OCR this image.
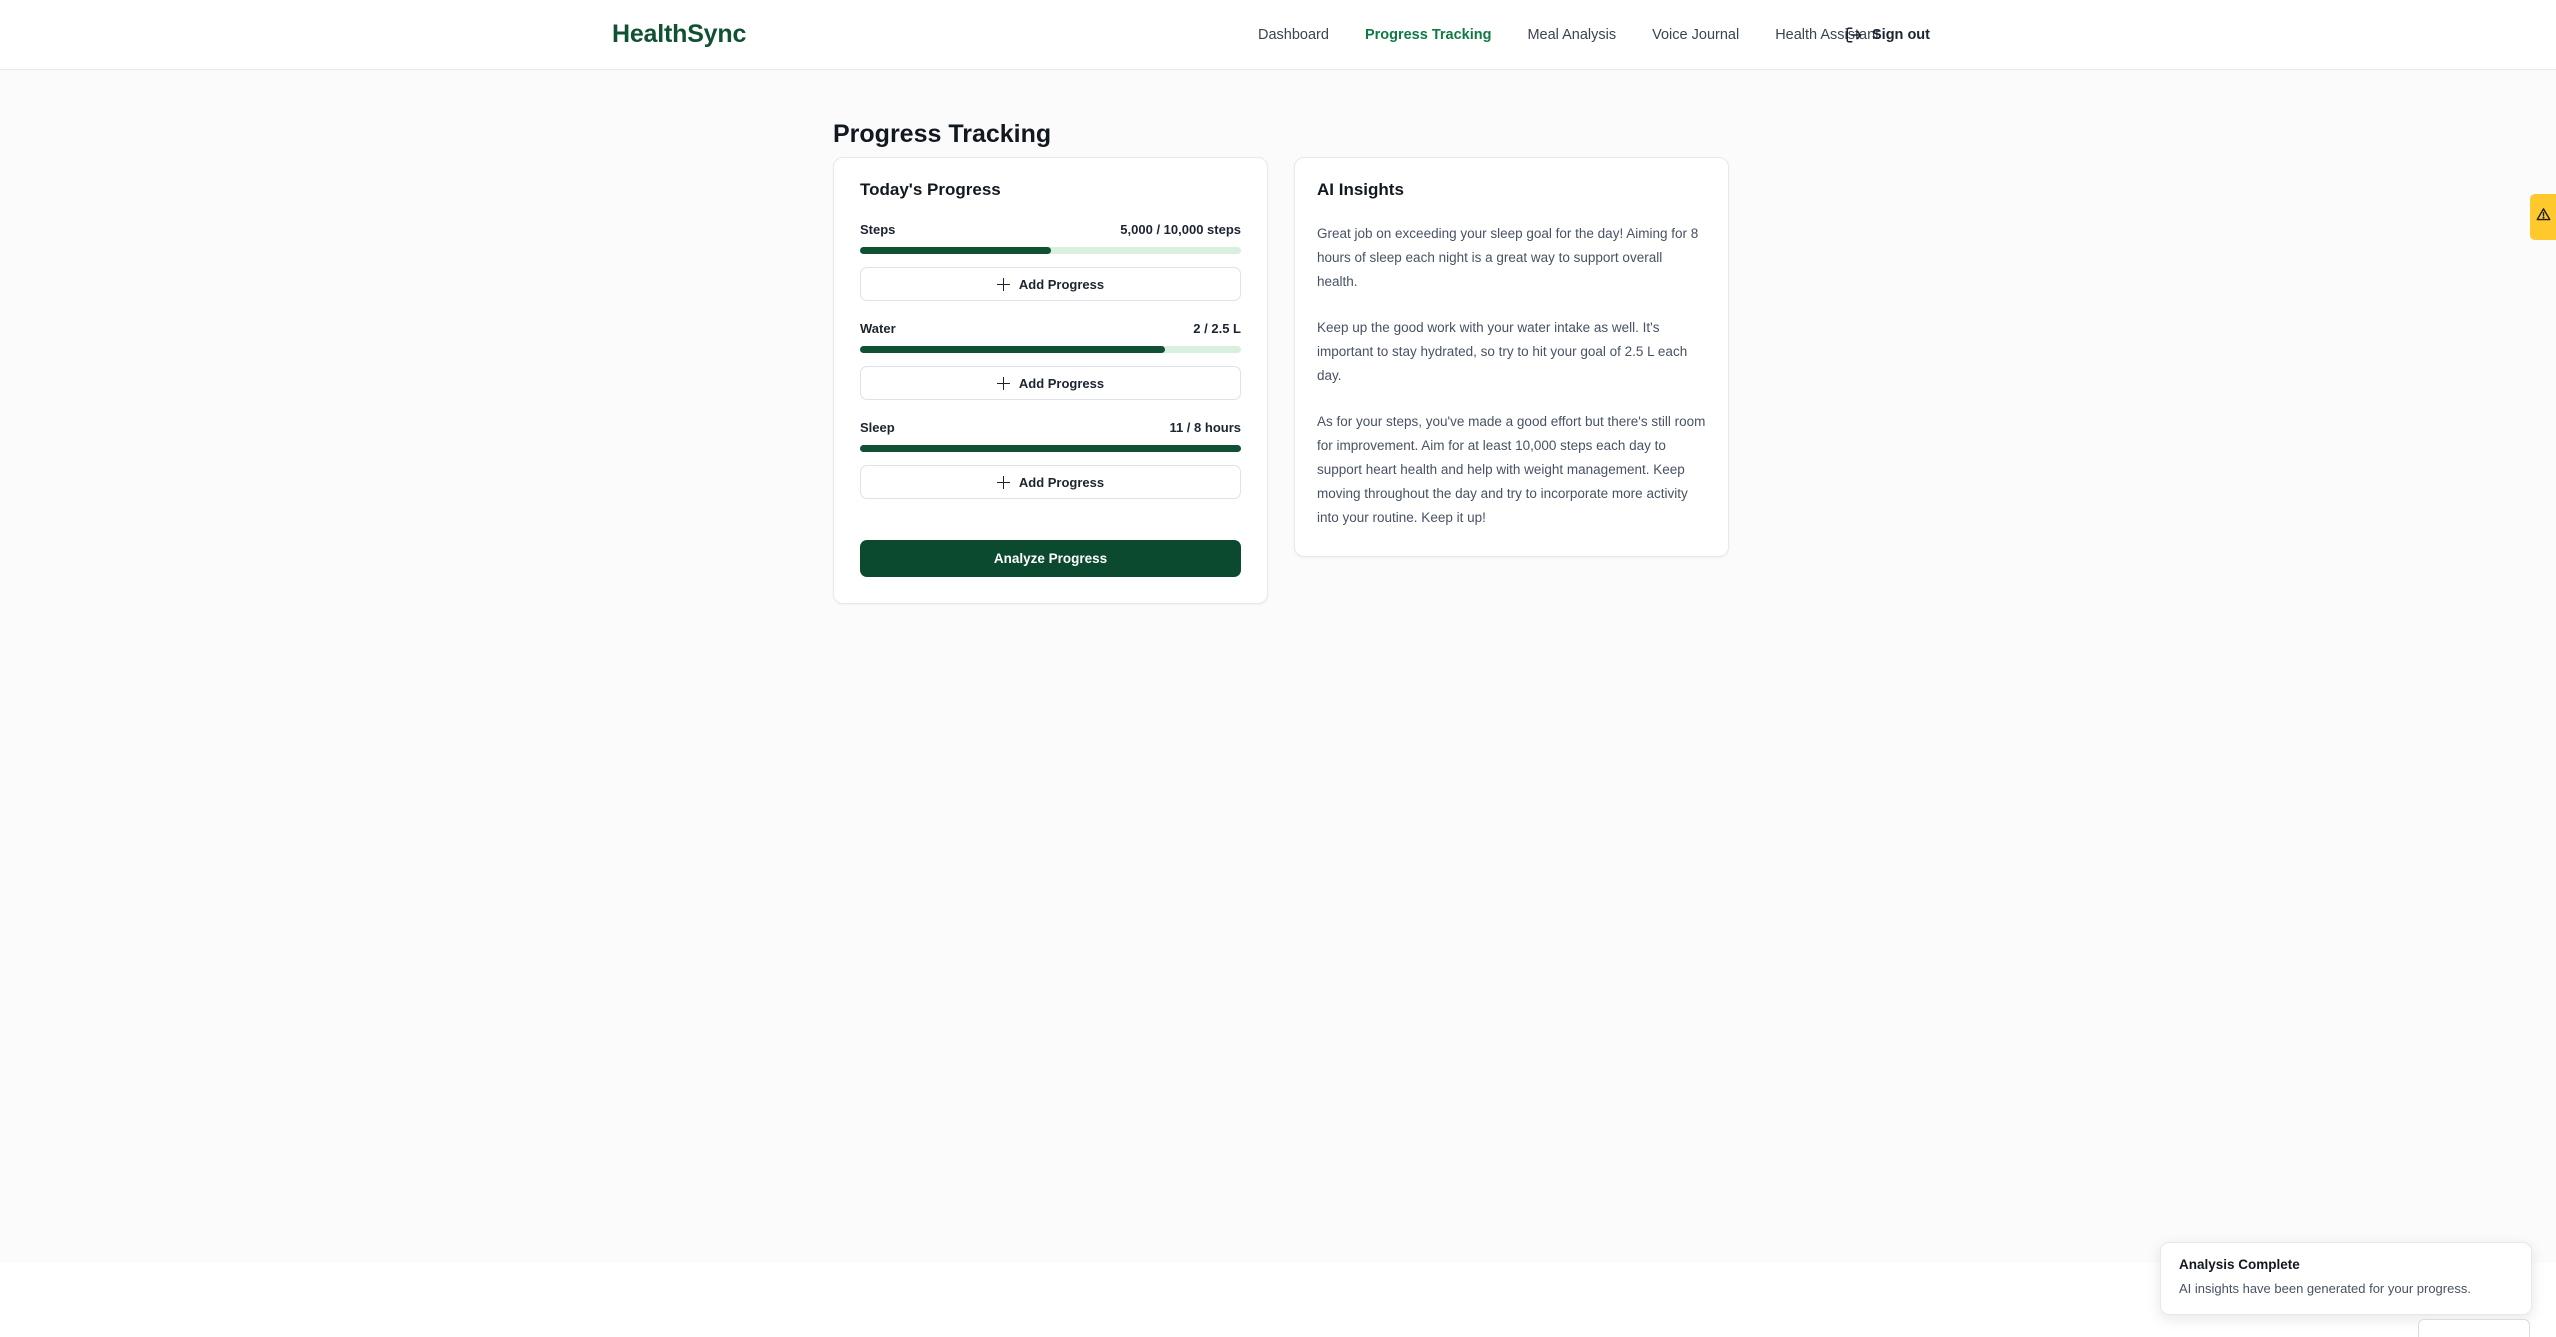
HealthSync	Dashboard Progress Tracking Meal Analysis Voice Journal Health Assistant
Sign out
Progress Tracking
Today's Progress
Steps	5,000 / 10,000 steps
Add Progress
Water	2 / 2.5 L
Add Progress
Sleep	11 / 8 hours
Add Progress
Analyze Progress
AI Insights

Great job on exceeding your sleep goal for the day! Aiming for 8 hours of sleep each night is a great way to support overall health.

Keep up the good work with your water intake as well. It's important to stay hydrated, so try to hit your goal of 2.5 L each day.

As for your steps, you've made a good effort but there's still room for improvement. Aim for at least 10,000 steps each day to support heart health and help with weight management. Keep moving throughout the day and try to incorporate more activity into your routine. Keep it up!

Analysis Complete
AI insights have been generated for your progress.
